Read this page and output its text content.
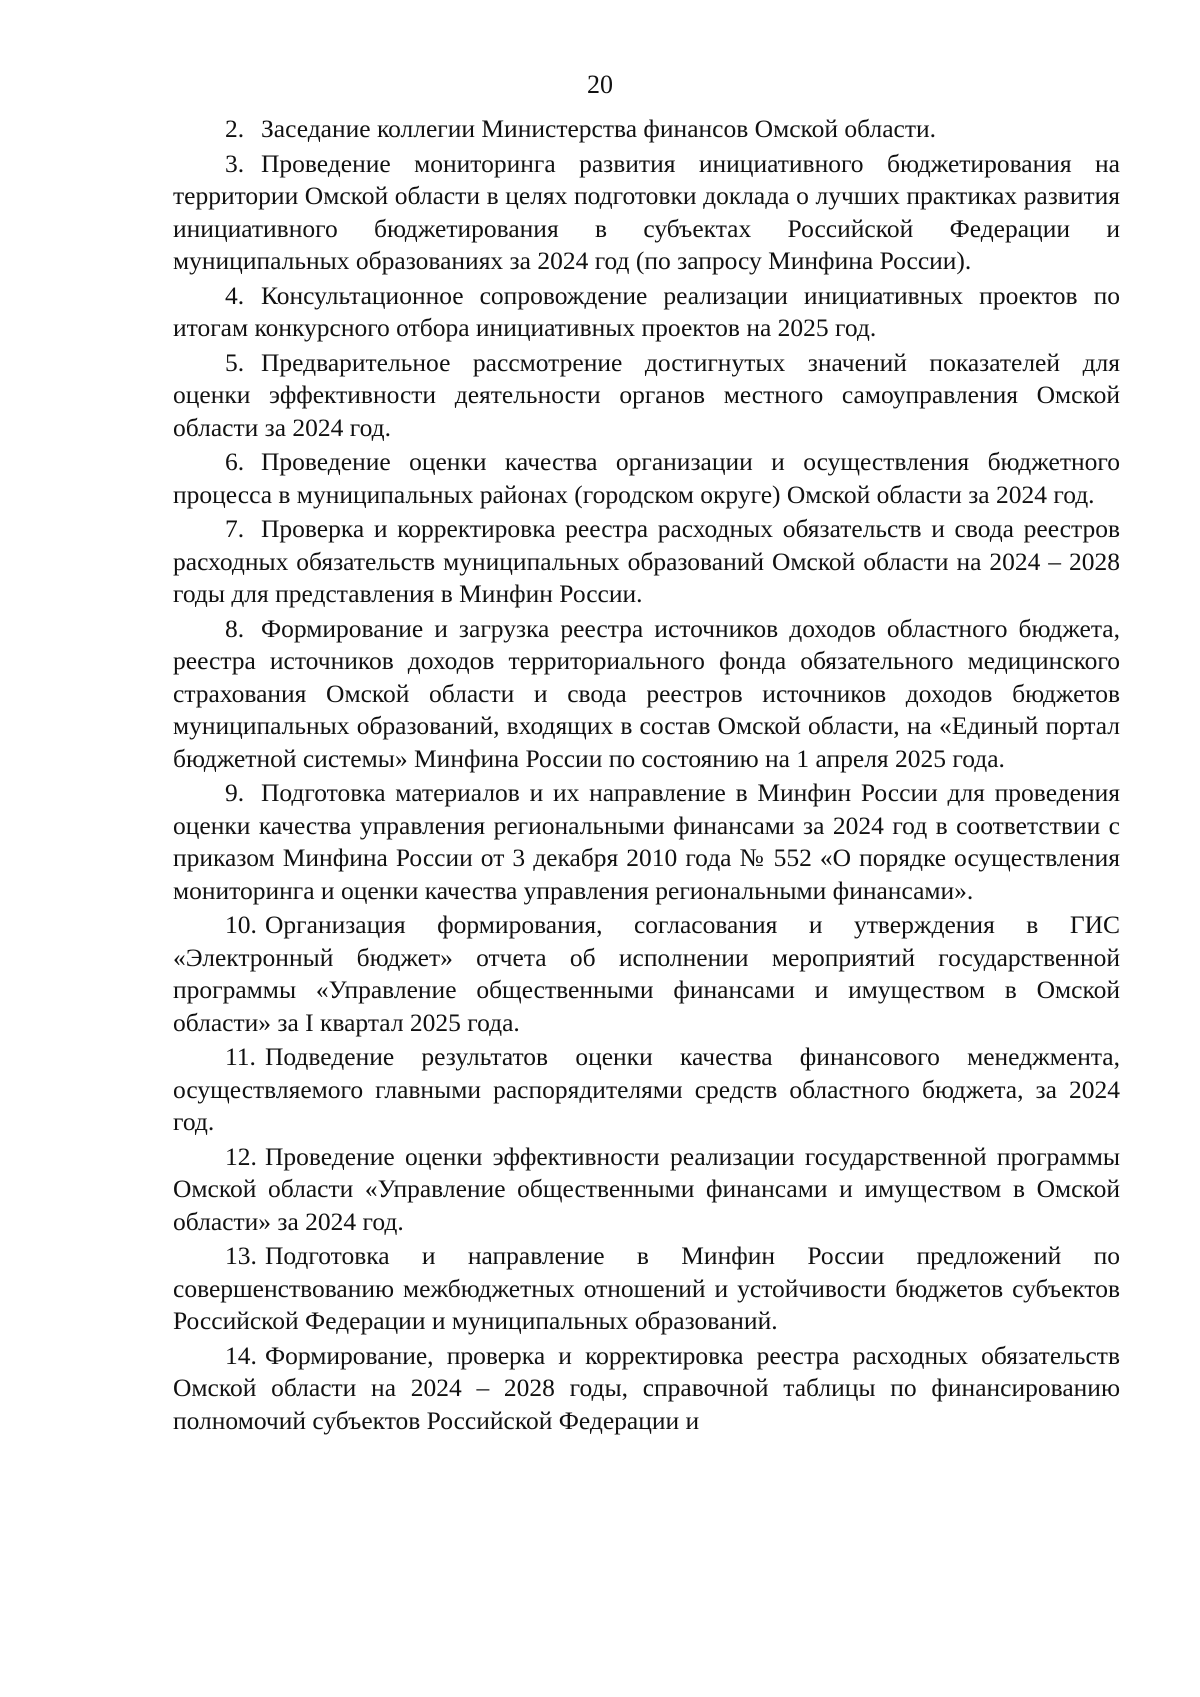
20

2. Заседание коллегии Министерства финансов Омской области.

3. Проведение мониторинга развития инициативного бюджетирования на территории Омской области в целях подготовки доклада о лучших практиках развития инициативного бюджетирования в субъектах Российской Федерации и муниципальных образованиях за 2024 год (по запросу Минфина России).

4. Консультационное сопровождение реализации инициативных проектов по итогам конкурсного отбора инициативных проектов на 2025 год.

5. Предварительное рассмотрение достигнутых значений показателей для оценки эффективности деятельности органов местного самоуправления Омской области за 2024 год.

6. Проведение оценки качества организации и осуществления бюджетного процесса в муниципальных районах (городском округе) Омской области за 2024 год.

7. Проверка и корректировка реестра расходных обязательств и свода реестров расходных обязательств муниципальных образований Омской области на 2024 – 2028 годы для представления в Минфин России.

8. Формирование и загрузка реестра источников доходов областного бюджета, реестра источников доходов территориального фонда обязательного медицинского страхования Омской области и свода реестров источников доходов бюджетов муниципальных образований, входящих в состав Омской области, на «Единый портал бюджетной системы» Минфина России по состоянию на 1 апреля 2025 года.

9. Подготовка материалов и их направление в Минфин России для проведения оценки качества управления региональными финансами за 2024 год в соответствии с приказом Минфина России от 3 декабря 2010 года № 552 «О порядке осуществления мониторинга и оценки качества управления региональными финансами».

10. Организация формирования, согласования и утверждения в ГИС «Электронный бюджет» отчета об исполнении мероприятий государственной программы «Управление общественными финансами и имуществом в Омской области» за I квартал 2025 года.

11. Подведение результатов оценки качества финансового менеджмента, осуществляемого главными распорядителями средств областного бюджета, за 2024 год.

12. Проведение оценки эффективности реализации государственной программы Омской области «Управление общественными финансами и имуществом в Омской области» за 2024 год.

13. Подготовка и направление в Минфин России предложений по совершенствованию межбюджетных отношений и устойчивости бюджетов субъектов Российской Федерации и муниципальных образований.

14. Формирование, проверка и корректировка реестра расходных обязательств Омской области на 2024 – 2028 годы, справочной таблицы по финансированию полномочий субъектов Российской Федерации и
